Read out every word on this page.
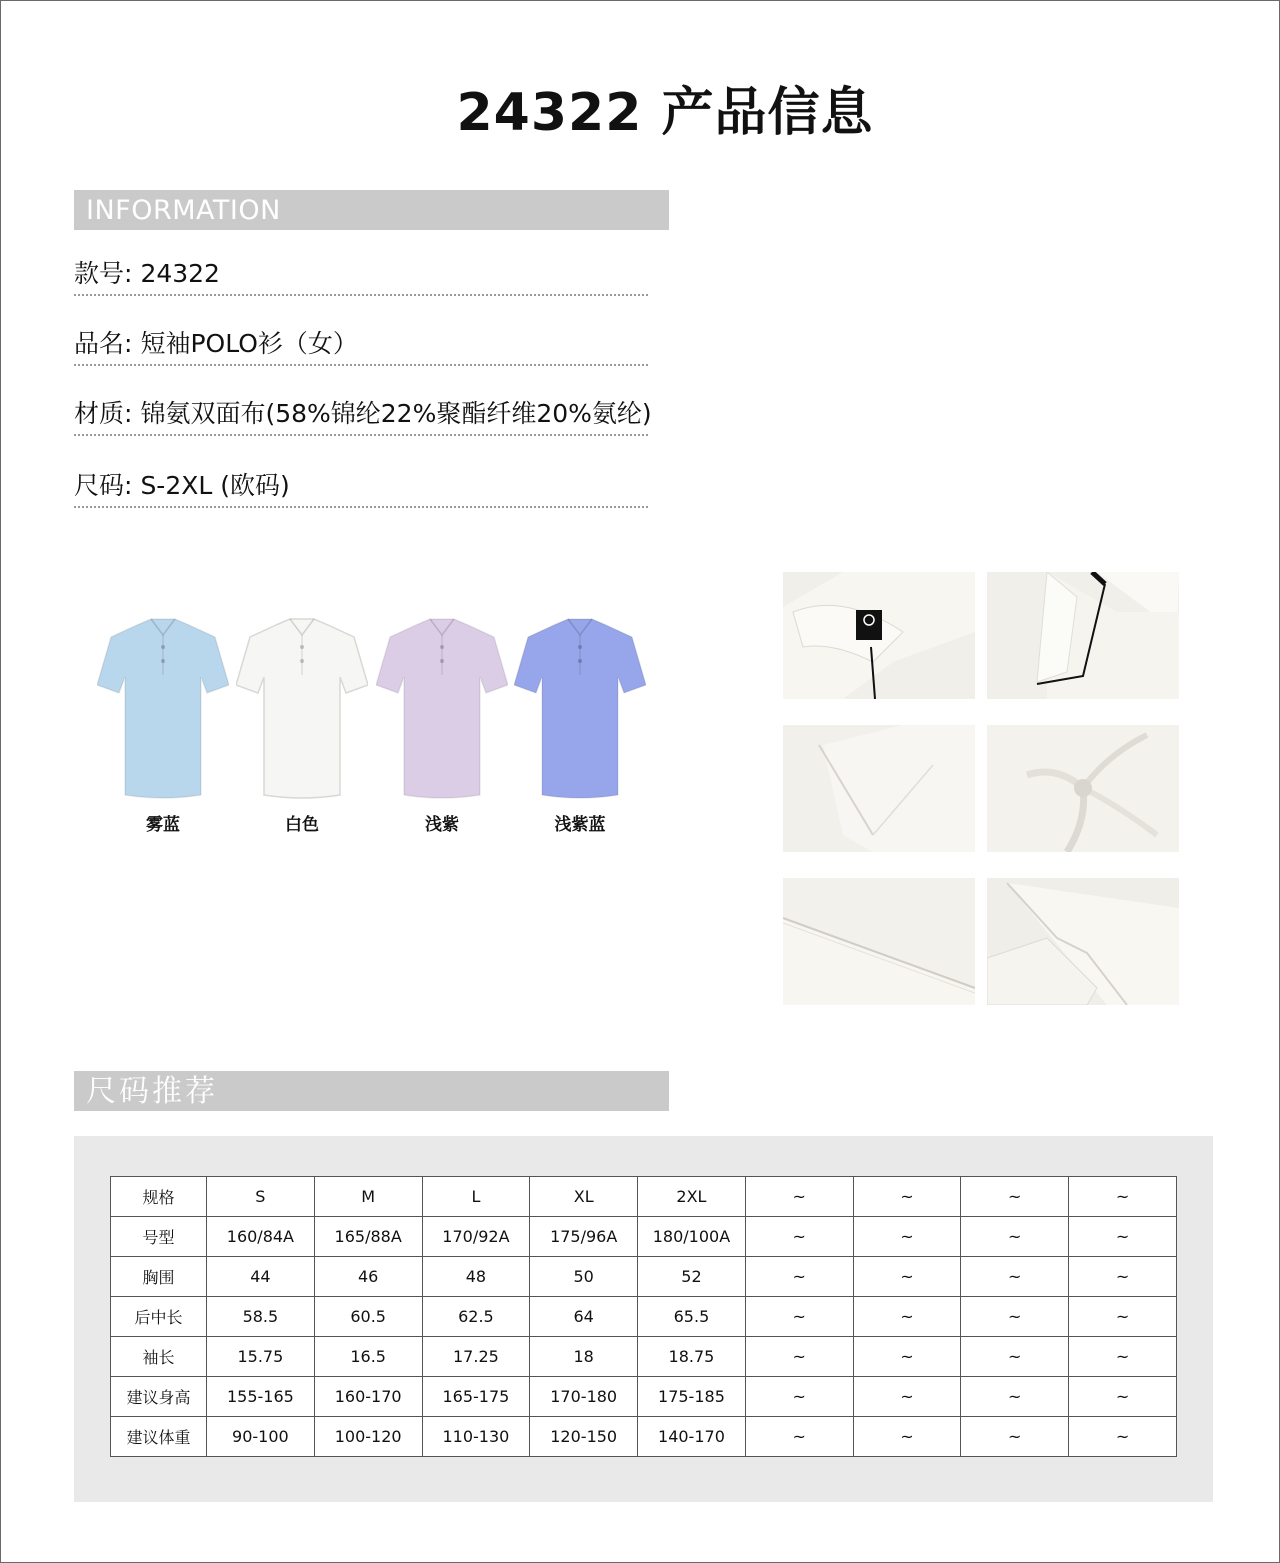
24322 产品信息
INFORMATION
款号: 24322
品名: 短袖POLO衫（女）
材质: 锦氨双面布(58%锦纶22%聚酯纤维20%氨纶)
尺码: S-2XL (欧码)
雾蓝	白色	浅紫	浅紫蓝
尺码推荐
规格	S	M	L	XL	2XL	~	~	~	~
号型	160/84A	165/88A	170/92A	175/96A	180/100A	~	~	~	~
胸围	44	46	48	50	52	~	~	~	~
后中长	58.5	60.5	62.5	64	65.5	~	~	~	~
袖长	15.75	16.5	17.25	18	18.75	~	~	~	~
建议身高	155-165	160-170	165-175	170-180	175-185	~	~	~	~
建议体重	90-100	100-120	110-130	120-150	140-170	~	~	~	~
